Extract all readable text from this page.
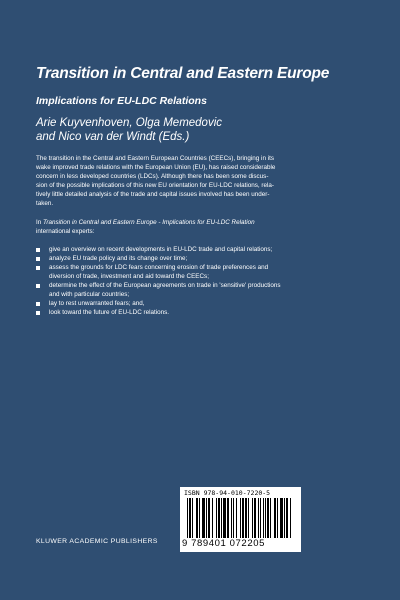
Transition in Central and Eastern Europe
Implications for EU-LDC Relations
Arie Kuyvenhoven, Olga Memedovic
and Nico van der Windt (Eds.)
The transition in the Central and Eastern European Countries (CEECs), bringing in its
wake improved trade relations with the European Union (EU), has raised considerable
concern in less developed countries (LDCs). Although there has been some discus-
sion of the possible implications of this new EU orientation for EU-LDC relations, rela-
tively little detailed analysis of the trade and capital issues involved has been under-
taken.
In Transition in Central and Eastern Europe - Implications for EU-LDC Relation
international experts:
give an overview on recent developments in EU-LDC trade and capital relations;
analyze EU trade policy and its change over time;
assess the grounds for LDC fears concerning erosion of trade preferences and
diversion of trade, investment and aid toward the CEECs;
determine the effect of the European agreements on trade in 'sensitive' productions
and with particular countries;
lay to rest unwarranted fears; and,
look toward the future of EU-LDC relations.
ISBN 978-94-010-7220-5
9 789401 072205
KLUWER ACADEMIC PUBLISHERS
